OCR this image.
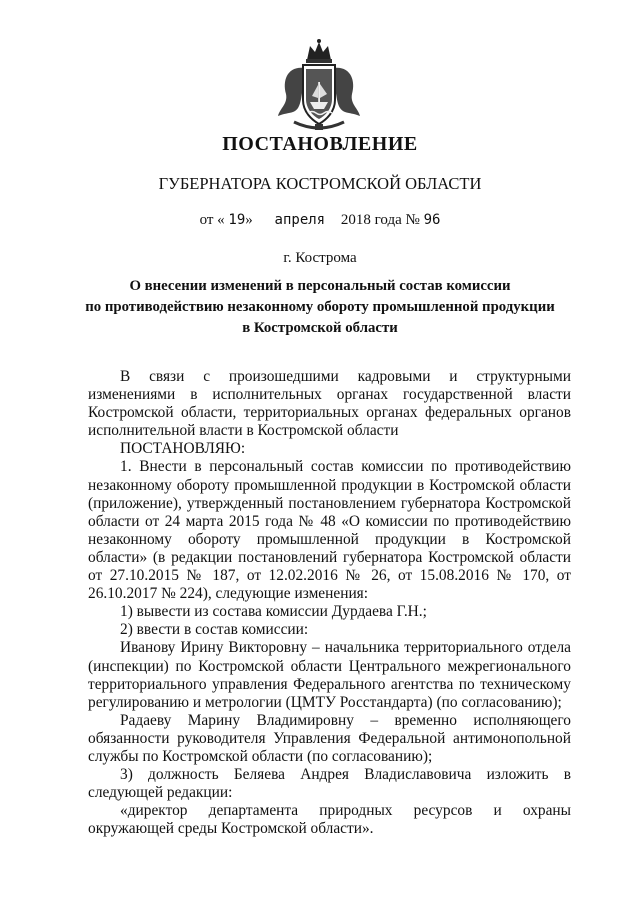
ПОСТАНОВЛЕНИЕ
ГУБЕРНАТОРА КОСТРОМСКОЙ ОБЛАСТИ
от « 19» апреля 2018 года № 96
г. Кострома
О внесении изменений в персональный состав комиссии
по противодействию незаконному обороту промышленной продукции
в Костромской области

В связи с произошедшими кадровыми и структурными изменениями в исполнительных органах государственной власти Костромской области, территориальных органах федеральных органов исполнительной власти в Костромской области

ПОСТАНОВЛЯЮ:

1. Внести в персональный состав комиссии по противодействию незаконному обороту промышленной продукции в Костромской области (приложение), утвержденный постановлением губернатора Костромской области от 24 марта 2015 года № 48 «О комиссии по противодействию незаконному обороту промышленной продукции в Костромской области» (в редакции постановлений губернатора Костромской области от 27.10.2015 № 187, от 12.02.2016 № 26, от 15.08.2016 № 170, от 26.10.2017 № 224), следующие изменения:

1) вывести из состава комиссии Дурдаева Г.Н.;

2) ввести в состав комиссии:

Иванову Ирину Викторовну – начальника территориального отдела (инспекции) по Костромской области Центрального межрегионального территориального управления Федерального агентства по техническому регулированию и метрологии (ЦМТУ Росстандарта) (по согласованию);

Радаеву Марину Владимировну – временно исполняющего обязанности руководителя Управления Федеральной антимонопольной службы по Костромской области (по согласованию);

3) должность Беляева Андрея Владиславовича изложить в следующей редакции:

«директор департамента природных ресурсов и охраны окружающей среды Костромской области».
